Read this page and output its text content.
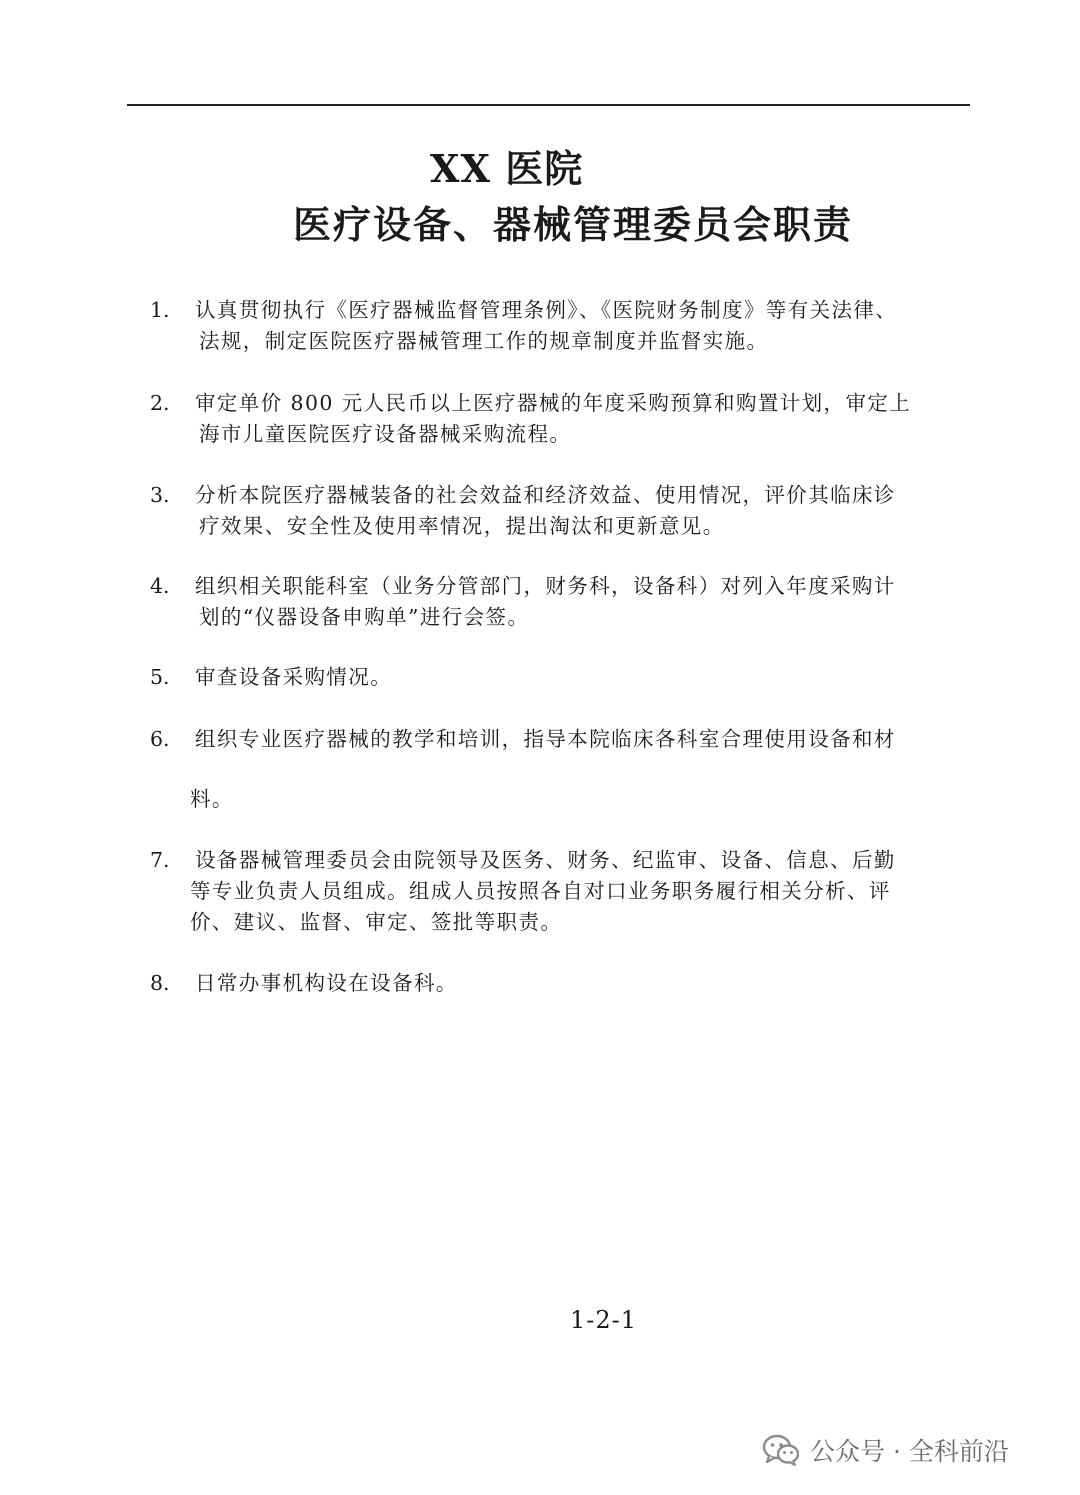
XX 医院
医疗设备、器械管理委员会职责
1.	认真贯彻执行《医疗器械监督管理条例》、《医院财务制度》等有关法律、
法规，制定医院医疗器械管理工作的规章制度并监督实施。
2.	审定单价 800 元人民币以上医疗器械的年度采购预算和购置计划，审定上
海市儿童医院医疗设备器械采购流程。
3.	分析本院医疗器械装备的社会效益和经济效益、使用情况，评价其临床诊
疗效果、安全性及使用率情况，提出淘汰和更新意见。
4.	组织相关职能科室（业务分管部门，财务科，设备科）对列入年度采购计
划的“仪器设备申购单”进行会签。
5.	审查设备采购情况。
6.	组织专业医疗器械的教学和培训，指导本院临床各科室合理使用设备和材
料。
7.	设备器械管理委员会由院领导及医务、财务、纪监审、设备、信息、后勤
等专业负责人员组成。组成人员按照各自对口业务职务履行相关分析、评
价、建议、监督、审定、签批等职责。
8.	日常办事机构设在设备科。
1-2-1
公众号 · 全科前沿
